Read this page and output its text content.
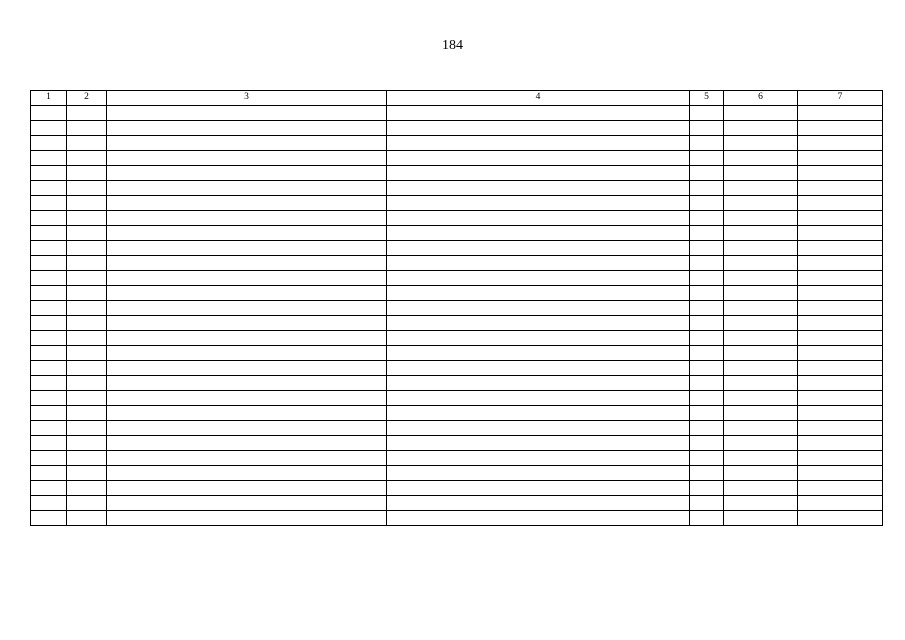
184
1	2	3	4	5	6	7
